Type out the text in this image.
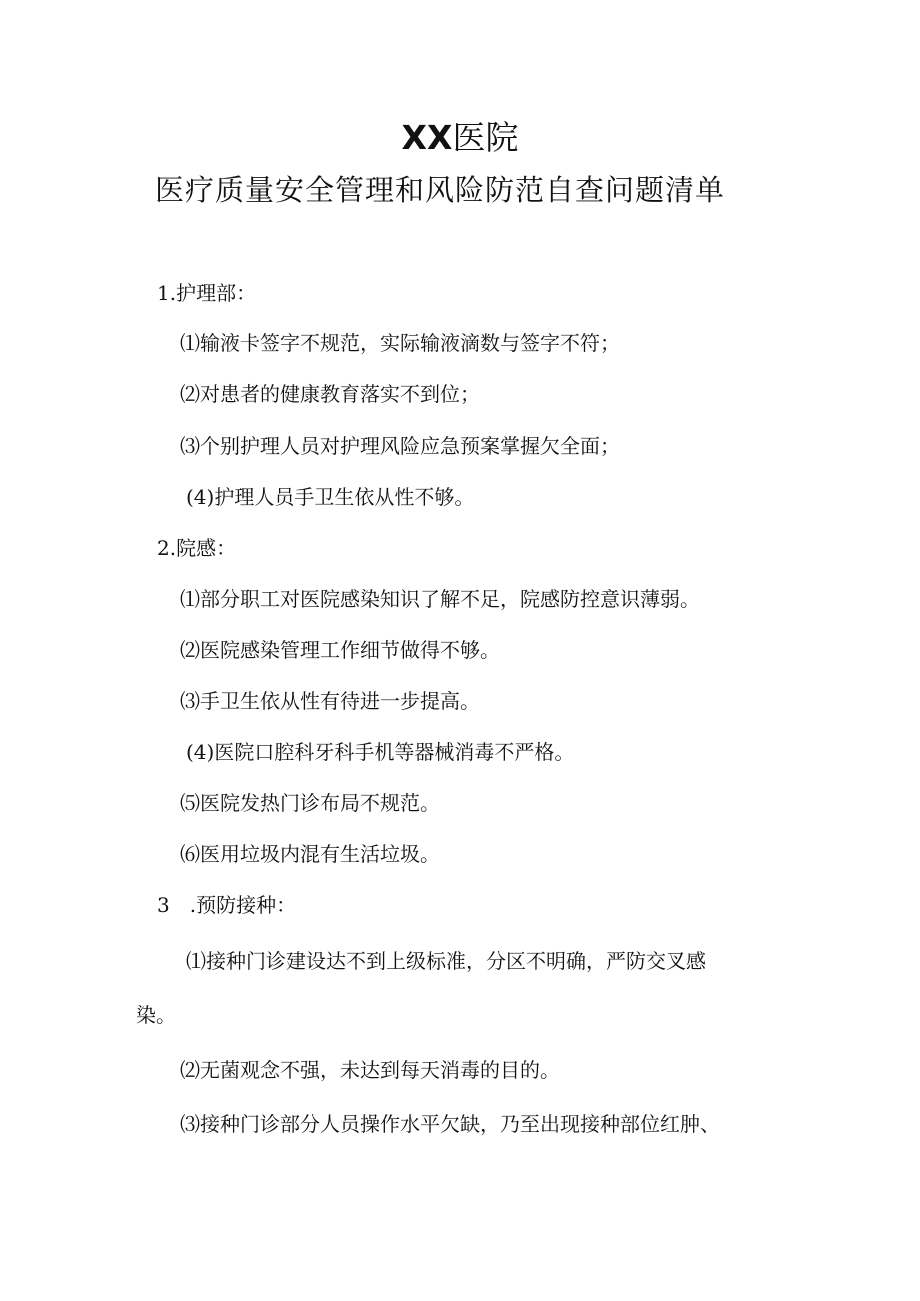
XX医院
医疗质量安全管理和风险防范自查问题清单
1.护理部：
⑴输液卡签字不规范，实际输液滴数与签字不符；
⑵对患者的健康教育落实不到位；
⑶个别护理人员对护理风险应急预案掌握欠全面；
(4)护理人员手卫生依从性不够。
2.院感：
⑴部分职工对医院感染知识了解不足，院感防控意识薄弱。
⑵医院感染管理工作细节做得不够。
⑶手卫生依从性有待进一步提高。
(4)医院口腔科牙科手机等器械消毒不严格。
⑸医院发热门诊布局不规范。
⑹医用垃圾内混有生活垃圾。
3　.预防接种：
⑴接种门诊建设达不到上级标准，分区不明确，严防交叉感
染。
⑵无菌观念不强，未达到每天消毒的目的。
⑶接种门诊部分人员操作水平欠缺，乃至出现接种部位红肿、
